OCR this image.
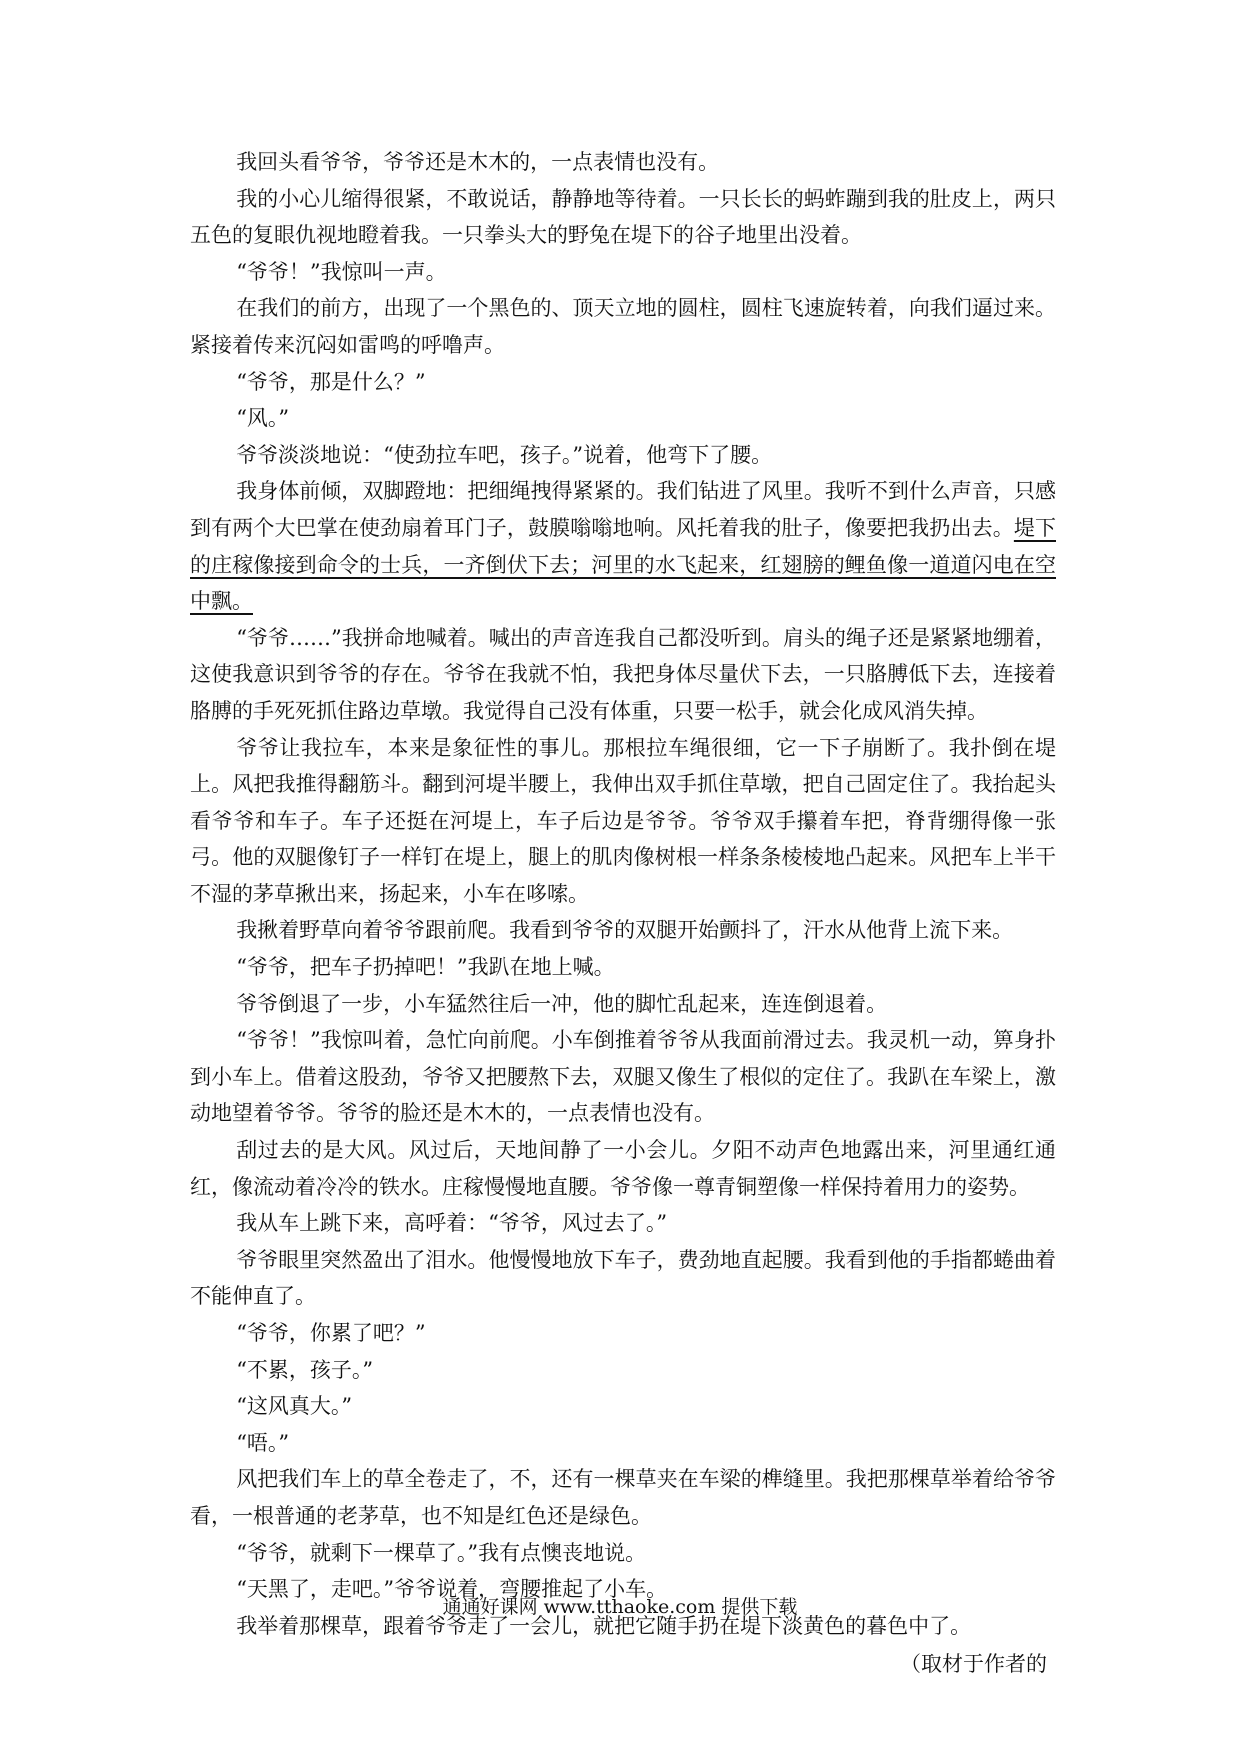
我回头看爷爷，爷爷还是木木的，一点表情也没有。

我的小心儿缩得很紧，不敢说话，静静地等待着。一只长长的蚂蚱蹦到我的肚皮上，两只五色的复眼仇视地瞪着我。一只拳头大的野兔在堤下的谷子地里出没着。

“爷爷！”我惊叫一声。

在我们的前方，出现了一个黑色的、顶天立地的圆柱，圆柱飞速旋转着，向我们逼过来。紧接着传来沉闷如雷鸣的呼噜声。

“爷爷，那是什么？”

“风。”

爷爷淡淡地说：“使劲拉车吧，孩子。”说着，他弯下了腰。

我身体前倾，双脚蹬地：把细绳拽得紧紧的。我们钻进了风里。我听不到什么声音，只感到有两个大巴掌在使劲扇着耳门子，鼓膜嗡嗡地响。风托着我的肚子，像要把我扔出去。堤下的庄稼像接到命令的士兵，一齐倒伏下去；河里的水飞起来，红翅膀的鲤鱼像一道道闪电在空中飘。

“爷爷……”我拼命地喊着。喊出的声音连我自己都没听到。肩头的绳子还是紧紧地绷着，这使我意识到爷爷的存在。爷爷在我就不怕，我把身体尽量伏下去，一只胳膊低下去，连接着胳膊的手死死抓住路边草墩。我觉得自己没有体重，只要一松手，就会化成风消失掉。

爷爷让我拉车，本来是象征性的事儿。那根拉车绳很细，它一下子崩断了。我扑倒在堤上。风把我推得翻筋斗。翻到河堤半腰上，我伸出双手抓住草墩，把自己固定住了。我抬起头看爷爷和车子。车子还挺在河堤上，车子后边是爷爷。爷爷双手攥着车把，脊背绷得像一张弓。他的双腿像钉子一样钉在堤上，腿上的肌肉像树根一样条条棱棱地凸起来。风把车上半干不湿的茅草揪出来，扬起来，小车在哆嗦。

我揪着野草向着爷爷跟前爬。我看到爷爷的双腿开始颤抖了，汗水从他背上流下来。

“爷爷，把车子扔掉吧！”我趴在地上喊。

爷爷倒退了一步，小车猛然往后一冲，他的脚忙乱起来，连连倒退着。

“爷爷！”我惊叫着，急忙向前爬。小车倒推着爷爷从我面前滑过去。我灵机一动，箅身扑到小车上。借着这股劲，爷爷又把腰熬下去，双腿又像生了根似的定住了。我趴在车梁上，激动地望着爷爷。爷爷的脸还是木木的，一点表情也没有。

刮过去的是大风。风过后，天地间静了一小会儿。夕阳不动声色地露出来，河里通红通红，像流动着冷冷的铁水。庄稼慢慢地直腰。爷爷像一尊青铜塑像一样保持着用力的姿势。

我从车上跳下来，高呼着：“爷爷，风过去了。”

爷爷眼里突然盈出了泪水。他慢慢地放下车子，费劲地直起腰。我看到他的手指都蜷曲着不能伸直了。

“爷爷，你累了吧？”

“不累，孩子。”

“这风真大。”

“唔。”

风把我们车上的草全卷走了，不，还有一棵草夹在车梁的榫缝里。我把那棵草举着给爷爷看，一根普通的老茅草，也不知是红色还是绿色。

“爷爷，就剩下一棵草了。”我有点懊丧地说。

“天黑了，走吧。”爷爷说着，弯腰推起了小车。

我举着那棵草，跟着爷爷走了一会儿，就把它随手扔在堤下淡黄色的暮色中了。

（取材于作者的
通通好课网 www.tthaoke.com 提供下载
